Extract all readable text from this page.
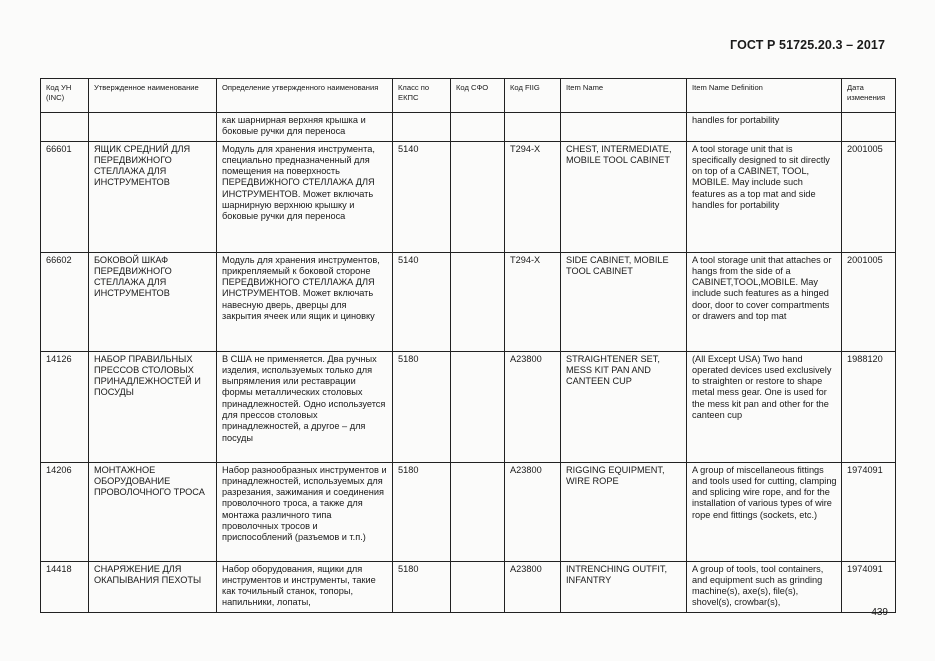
ГОСТ Р 51725.20.3 – 2017
Код УН (INC)	Утвержденное наименование	Определение утвержденного наименования	Класс по ЕКПС	Код СФО	Код FIIG	Item Name	Item Name Definition	Дата изменения
		как шарнирная верхняя крышка и боковые ручки для переноса					handles for portability	
66601	ЯЩИК СРЕДНИЙ ДЛЯ ПЕРЕДВИЖНОГО СТЕЛЛАЖА ДЛЯ ИНСТРУМЕНТОВ	Модуль для хранения инструмента, специально предназначенный для помещения на поверхность ПЕРЕДВИЖНОГО СТЕЛЛАЖА ДЛЯ ИНСТРУМЕНТОВ. Может включать шарнирную верхнюю крышку и боковые ручки для переноса	5140		T294-X	CHEST, INTERMEDIATE, MOBILE TOOL CABINET	A tool storage unit that is specifically designed to sit directly on top of a CABINET, TOOL, MOBILE. May include such features as a top mat and side handles for portability	2001005
66602	БОКОВОЙ ШКАФ ПЕРЕДВИЖНОГО СТЕЛЛАЖА ДЛЯ ИНСТРУМЕНТОВ	Модуль для хранения инструментов, прикрепляемый к боковой стороне ПЕРЕДВИЖНОГО СТЕЛЛАЖА ДЛЯ ИНСТРУМЕНТОВ. Может включать навесную дверь, дверцы для закрытия ячеек или ящик и циновку	5140		T294-X	SIDE CABINET, MOBILE TOOL CABINET	A tool storage unit that attaches or hangs from the side of a CABINET,TOOL,MOBILE. May include such features as a hinged door, door to cover compartments or drawers and top mat	2001005
14126	НАБОР ПРАВИЛЬНЫХ ПРЕССОВ СТОЛОВЫХ ПРИНАДЛЕЖНОСТЕЙ И ПОСУДЫ	В США не применяется. Два ручных изделия, используемых только для выпрямления или реставрации формы металлических столовых принадлежностей. Одно используется для прессов столовых принадлежностей, а другое – для посуды	5180		A23800	STRAIGHTENER SET, MESS KIT PAN AND CANTEEN CUP	(All Except USA) Two hand operated devices used exclusively to straighten or restore to shape metal mess gear. One is used for the mess kit pan and other for the canteen cup	1988120
14206	МОНТАЖНОЕ ОБОРУДОВАНИЕ ПРОВОЛОЧНОГО ТРОСА	Набор разнообразных инструментов и принадлежностей, используемых для разрезания, зажимания и соединения проволочного троса, а также для монтажа различного типа проволочных тросов и приспособлений (разъемов и т.п.)	5180		A23800	RIGGING EQUIPMENT, WIRE ROPE	A group of miscellaneous fittings and tools used for cutting, clamping and splicing wire rope, and for the installation of various types of wire rope end fittings (sockets, etc.)	1974091
14418	СНАРЯЖЕНИЕ ДЛЯ ОКАПЫВАНИЯ ПЕХОТЫ	Набор оборудования, ящики для инструментов и инструменты, такие как точильный станок, топоры, напильники, лопаты,	5180		A23800	INTRENCHING OUTFIT, INFANTRY	A group of tools, tool containers, and equipment such as grinding machine(s), axe(s), file(s), shovel(s), crowbar(s),	1974091
439
